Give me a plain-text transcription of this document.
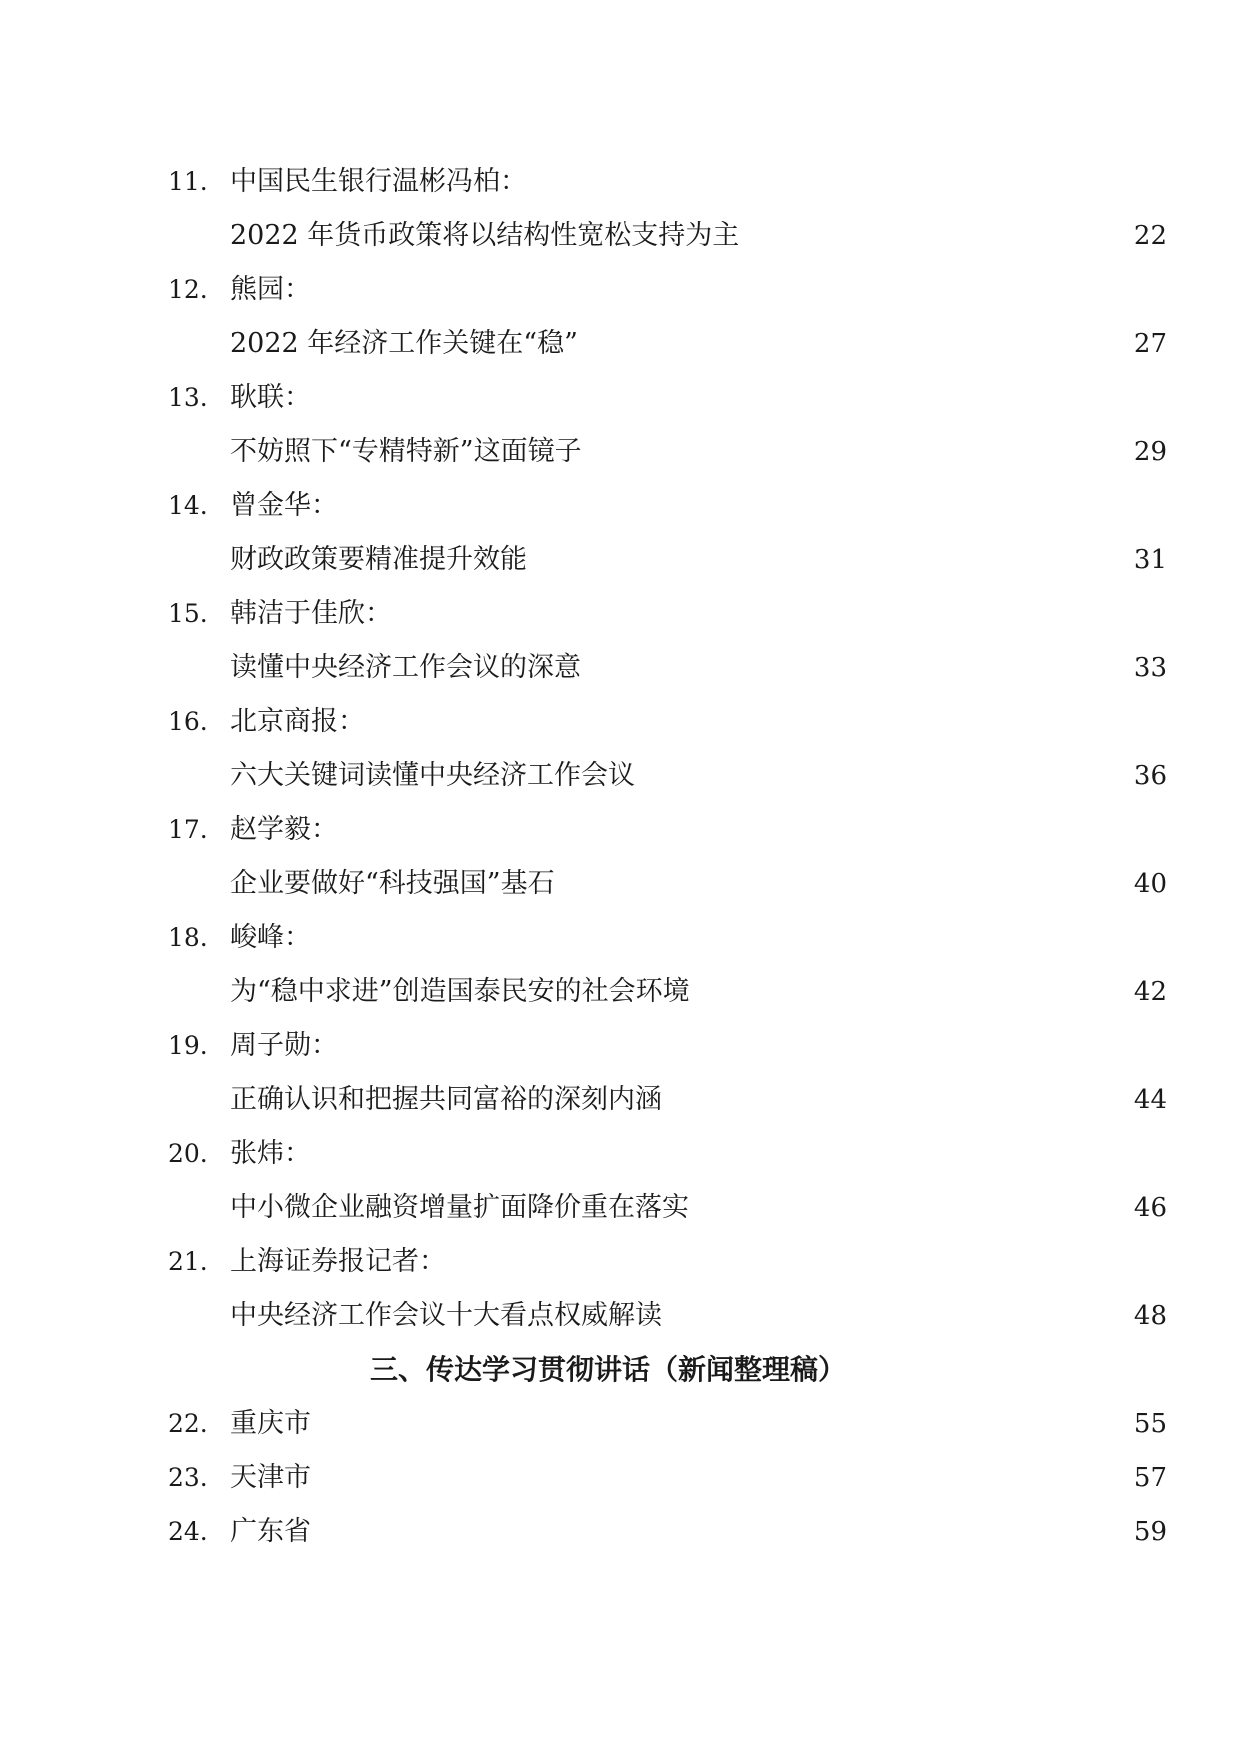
11. 中国民生银行温彬冯柏：
2022 年货币政策将以结构性宽松支持为主	22
12. 熊园：
2022 年经济工作关键在“稳”	27
13. 耿联：
不妨照下“专精特新”这面镜子	29
14. 曾金华：
财政政策要精准提升效能	31
15. 韩洁于佳欣：
读懂中央经济工作会议的深意	33
16. 北京商报：
六大关键词读懂中央经济工作会议	36
17. 赵学毅：
企业要做好“科技强国”基石	40
18. 峻峰：
为“稳中求进”创造国泰民安的社会环境	42
19. 周子勋：
正确认识和把握共同富裕的深刻内涵	44
20. 张炜：
中小微企业融资增量扩面降价重在落实	46
21. 上海证券报记者：
中央经济工作会议十大看点权威解读	48
三、传达学习贯彻讲话（新闻整理稿）
22. 重庆市	55
23. 天津市	57
24. 广东省	59
